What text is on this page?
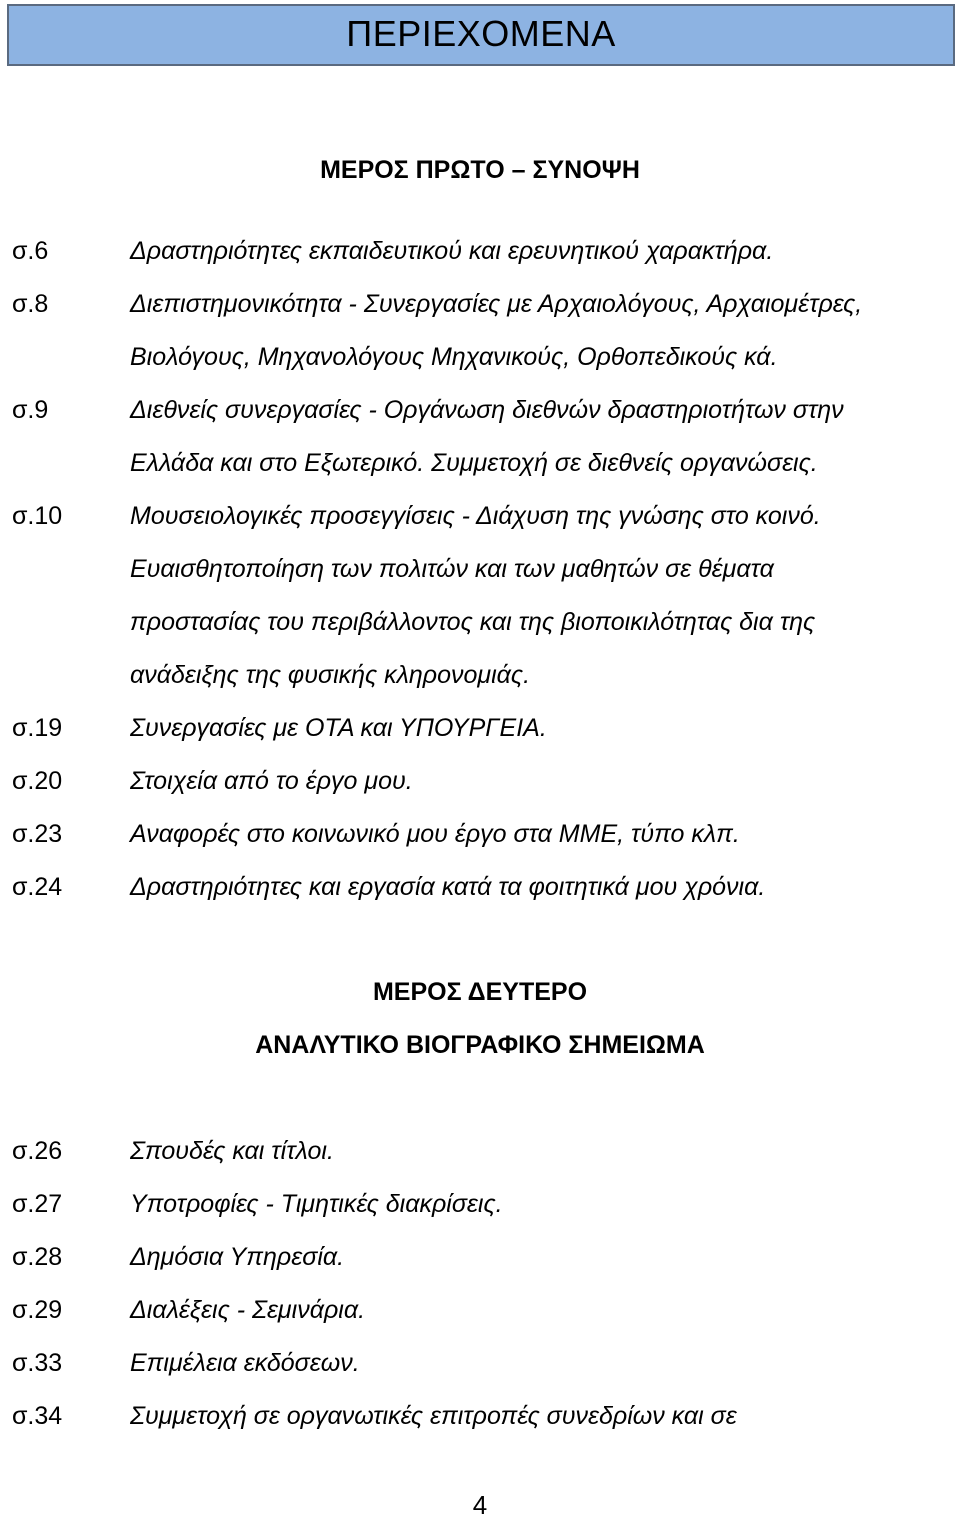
ΠΕΡΙΕΧΟΜΕΝΑ
ΜΕΡΟΣ ΠΡΩΤΟ – ΣΥΝΟΨΗ
σ.6	Δραστηριότητες εκπαιδευτικού και ερευνητικού χαρακτήρα.
σ.8	Διεπιστημονικότητα - Συνεργασίες με Αρχαιολόγους, Αρχαιομέτρες,
Βιολόγους, Μηχανολόγους Μηχανικούς, Ορθοπεδικούς κά.
σ.9	Διεθνείς συνεργασίες - Οργάνωση διεθνών δραστηριοτήτων στην
Ελλάδα και στο Εξωτερικό. Συμμετοχή σε διεθνείς οργανώσεις.
σ.10	Μουσειολογικές προσεγγίσεις - Διάχυση της γνώσης στο κοινό.
Ευαισθητοποίηση των πολιτών και των μαθητών σε θέματα
προστασίας του περιβάλλοντος και της βιοποικιλότητας δια της
ανάδειξης της φυσικής κληρονομιάς.
σ.19	Συνεργασίες με ΟΤΑ και ΥΠΟΥΡΓΕΙΑ.
σ.20	Στοιχεία από το έργο μου.
σ.23	Αναφορές στο κοινωνικό μου έργο στα ΜΜΕ, τύπο κλπ.
σ.24	Δραστηριότητες και εργασία κατά τα φοιτητικά μου χρόνια.
ΜΕΡΟΣ ΔΕΥΤΕΡΟ
ΑΝΑΛΥΤΙΚΟ ΒΙΟΓΡΑΦΙΚΟ ΣΗΜΕΙΩΜΑ
σ.26	Σπουδές και τίτλοι.
σ.27	Υποτροφίες - Τιμητικές διακρίσεις.
σ.28	Δημόσια Υπηρεσία.
σ.29	Διαλέξεις - Σεμινάρια.
σ.33	Επιμέλεια εκδόσεων.
σ.34	Συμμετοχή σε οργανωτικές επιτροπές συνεδρίων και σε
4
